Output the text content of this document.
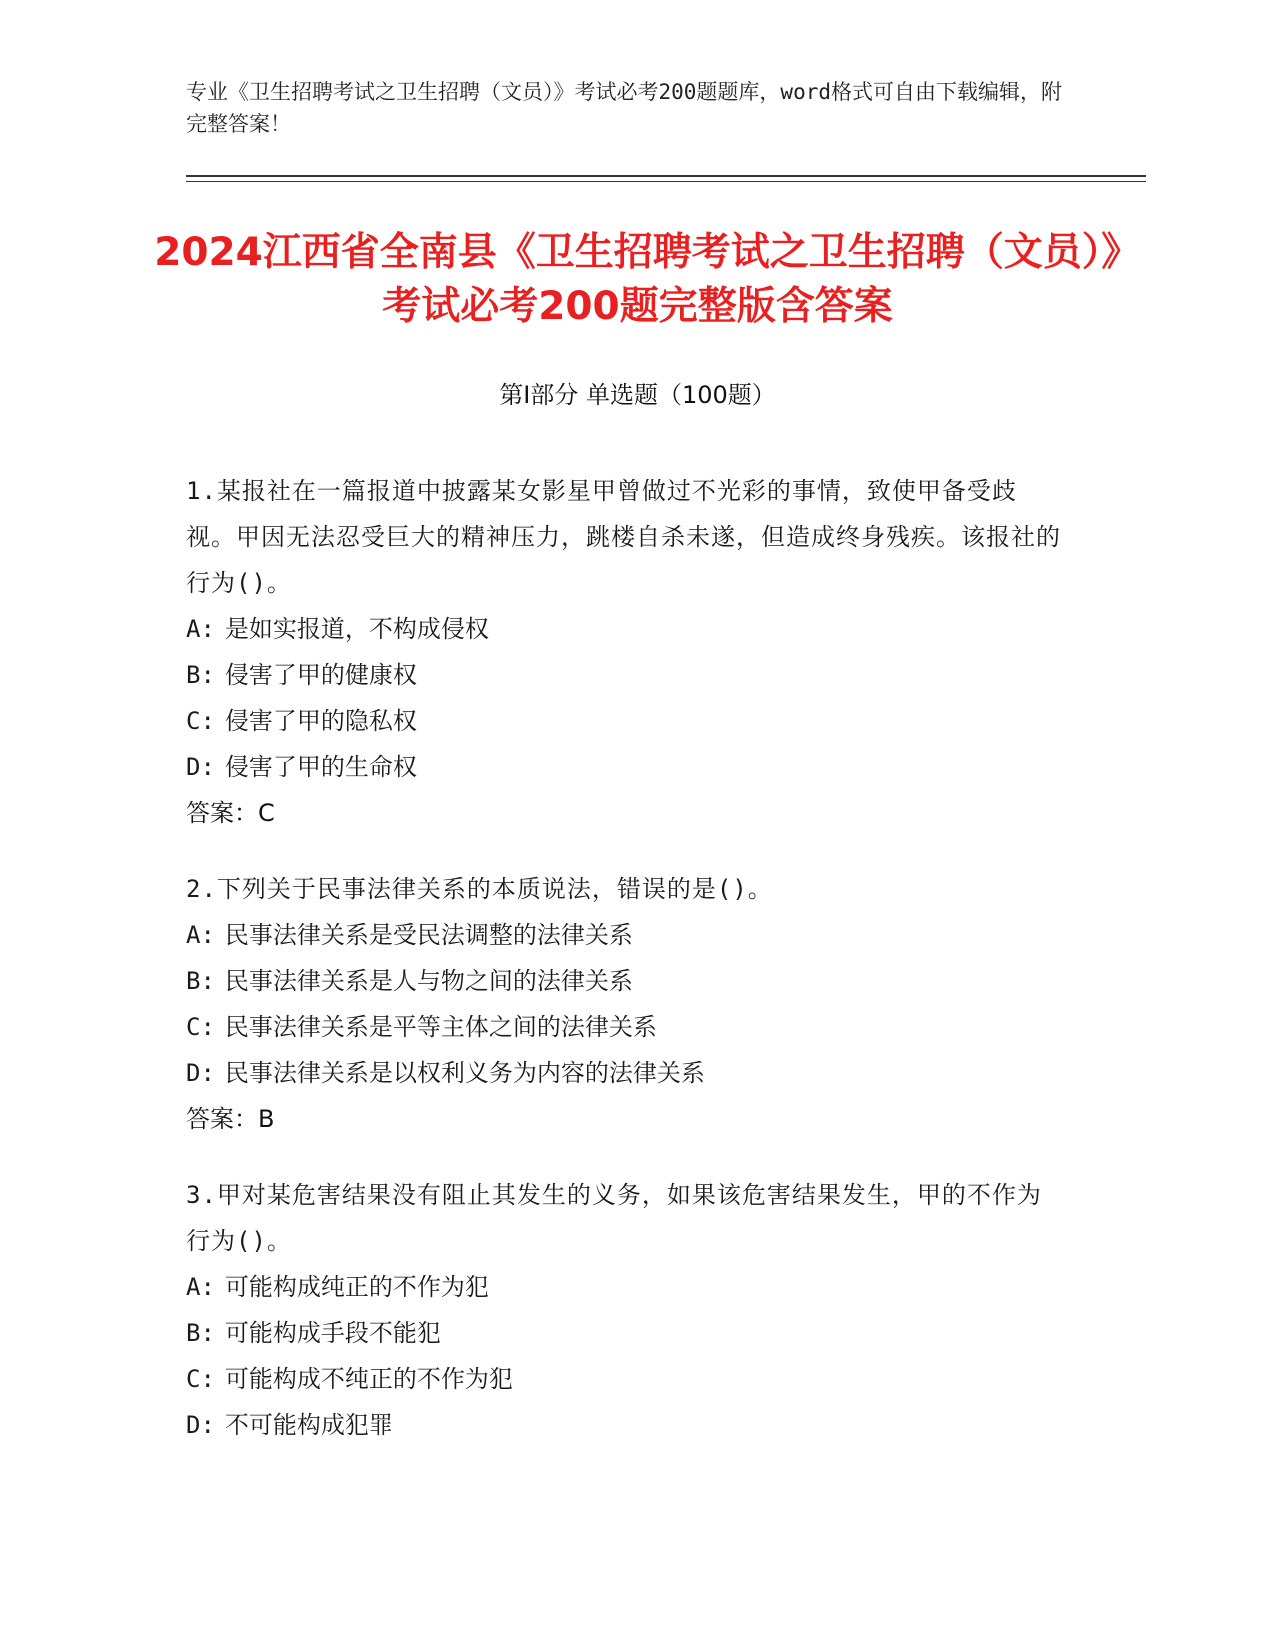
专业《卫生招聘考试之卫生招聘（文员）》考试必考200题题库，word格式可自由下载编辑，附完整答案！
2024江西省全南县《卫生招聘考试之卫生招聘（文员）》考试必考200题完整版含答案
第Ⅰ部分 单选题（100题）
1.某报社在一篇报道中披露某女影星甲曾做过不光彩的事情，致使甲备受歧视。甲因无法忍受巨大的精神压力，跳楼自杀未遂，但造成终身残疾。该报社的行为()。
A: 是如实报道，不构成侵权
B: 侵害了甲的健康权
C: 侵害了甲的隐私权
D: 侵害了甲的生命权
答案：C
2.下列关于民事法律关系的本质说法，错误的是()。
A: 民事法律关系是受民法调整的法律关系
B: 民事法律关系是人与物之间的法律关系
C: 民事法律关系是平等主体之间的法律关系
D: 民事法律关系是以权利义务为内容的法律关系
答案：B
3.甲对某危害结果没有阻止其发生的义务，如果该危害结果发生，甲的不作为行为()。
A: 可能构成纯正的不作为犯
B: 可能构成手段不能犯
C: 可能构成不纯正的不作为犯
D: 不可能构成犯罪
